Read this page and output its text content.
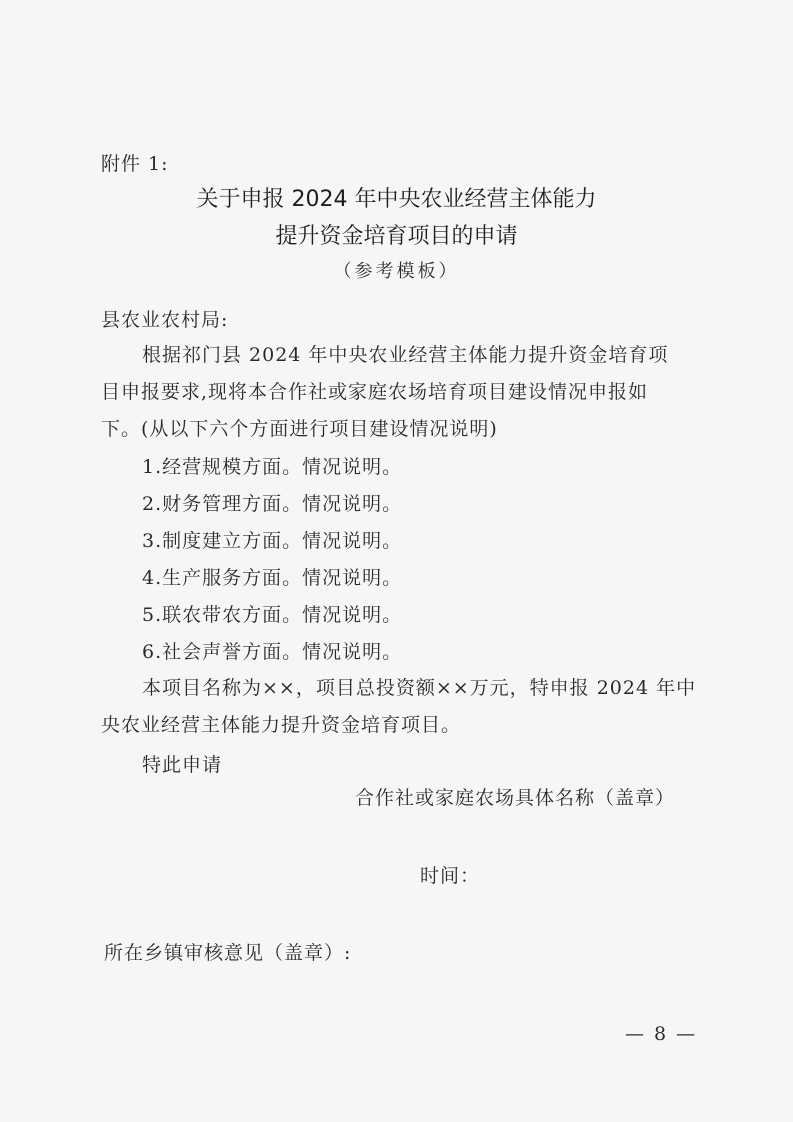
附件 1:
关于申报 2024 年中央农业经营主体能力
提升资金培育项目的申请
（参考模板）
县农业农村局:
根据祁门县 2024 年中央农业经营主体能力提升资金培育项
目申报要求,现将本合作社或家庭农场培育项目建设情况申报如
下。(从以下六个方面进行项目建设情况说明)
1.经营规模方面。情况说明。
2.财务管理方面。情况说明。
3.制度建立方面。情况说明。
4.生产服务方面。情况说明。
5.联农带农方面。情况说明。
6.社会声誉方面。情况说明。
本项目名称为××，项目总投资额××万元，特申报 2024 年中
央农业经营主体能力提升资金培育项目。
特此申请
合作社或家庭农场具体名称（盖章）
时间：
所在乡镇审核意见（盖章）:
— 8 —
